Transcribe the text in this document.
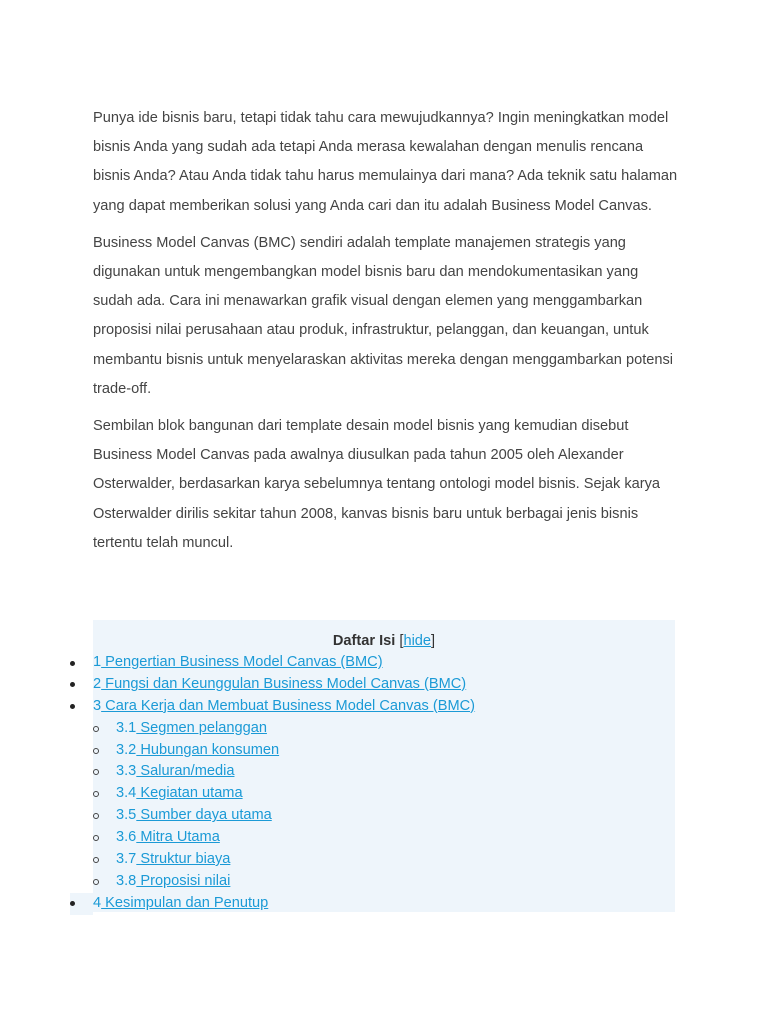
Punya ide bisnis baru, tetapi tidak tahu cara mewujudkannya? Ingin meningkatkan model bisnis Anda yang sudah ada tetapi Anda merasa kewalahan dengan menulis rencana bisnis Anda? Atau Anda tidak tahu harus memulainya dari mana? Ada teknik satu halaman yang dapat memberikan solusi yang Anda cari dan itu adalah Business Model Canvas.

Business Model Canvas (BMC) sendiri adalah template manajemen strategis yang digunakan untuk mengembangkan model bisnis baru dan mendokumentasikan yang sudah ada. Cara ini menawarkan grafik visual dengan elemen yang menggambarkan proposisi nilai perusahaan atau produk, infrastruktur, pelanggan, dan keuangan, untuk membantu bisnis untuk menyelaraskan aktivitas mereka dengan menggambarkan potensi trade-off.

Sembilan blok bangunan dari template desain model bisnis yang kemudian disebut Business Model Canvas pada awalnya diusulkan pada tahun 2005 oleh Alexander Osterwalder, berdasarkan karya sebelumnya tentang ontologi model bisnis. Sejak karya Osterwalder dirilis sekitar tahun 2008, kanvas bisnis baru untuk berbagai jenis bisnis tertentu telah muncul.

Daftar Isi [hide]
1 Pengertian Business Model Canvas (BMC)
2 Fungsi dan Keunggulan Business Model Canvas (BMC)
3 Cara Kerja dan Membuat Business Model Canvas (BMC)
3.1 Segmen pelanggan
3.2 Hubungan konsumen
3.3 Saluran/media
3.4 Kegiatan utama
3.5 Sumber daya utama
3.6 Mitra Utama
3.7 Struktur biaya
3.8 Proposisi nilai
4 Kesimpulan dan Penutup
